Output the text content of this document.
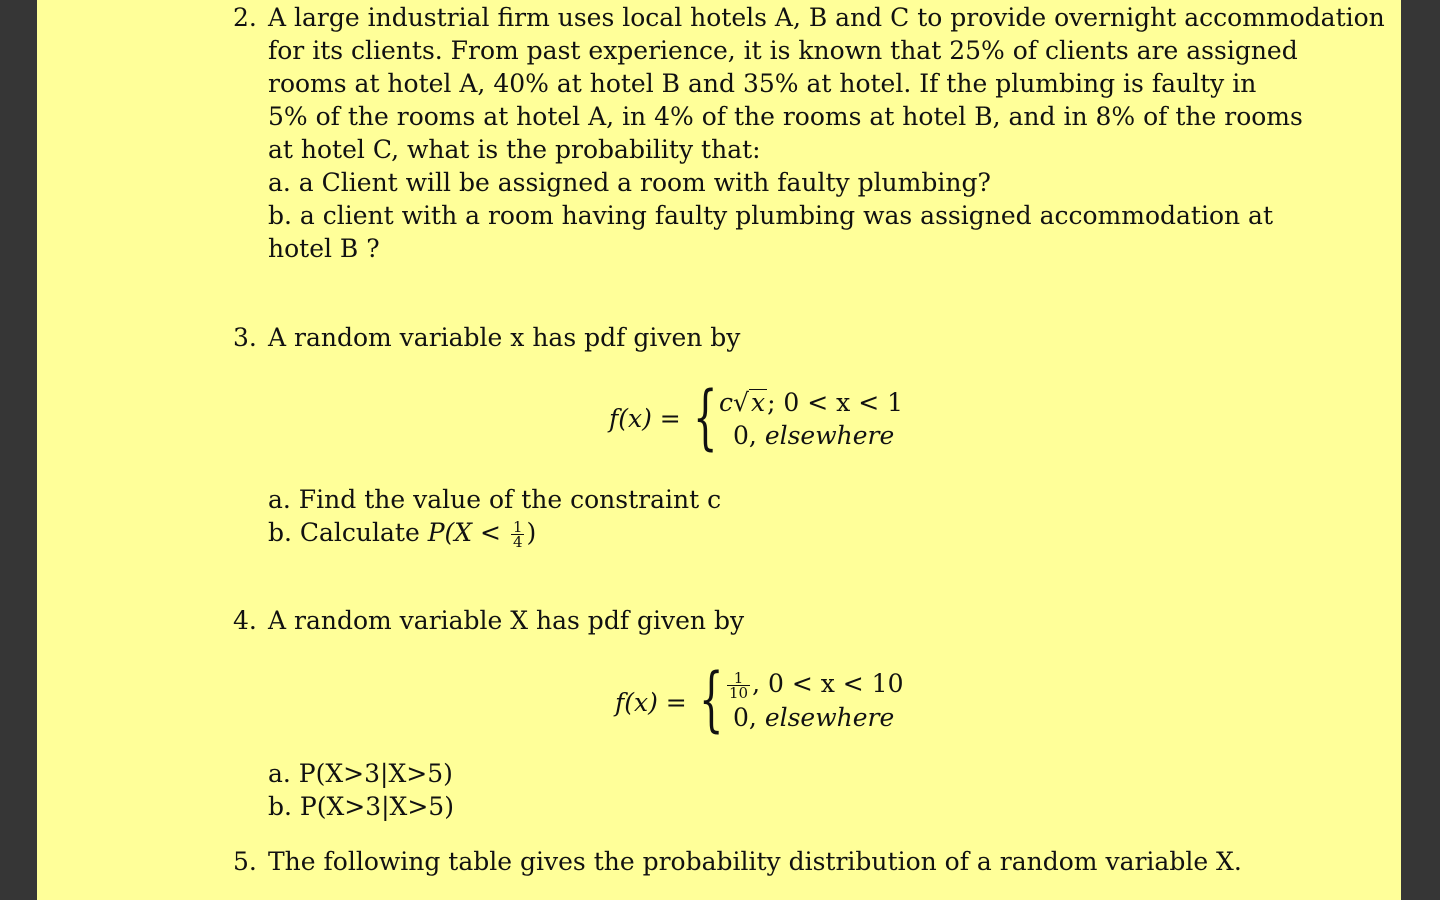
2. A large industrial firm uses local hotels A, B and C to provide overnight accommodation
for its clients. From past experience, it is known that 25% of clients are assigned
rooms at hotel A, 40% at hotel B and 35% at hotel. If the plumbing is faulty in
5% of the rooms at hotel A, in 4% of the rooms at hotel B, and in 8% of the rooms
at hotel C, what is the probability that:
a. a Client will be assigned a room with faulty plumbing?
b. a client with a room having faulty plumbing was assigned accommodation at
hotel B ?
3. A random variable x has pdf given by
f(x) = { c√x; 0 < x < 1
0, elsewhere
a. Find the value of the constraint c
b. Calculate $P(X < \frac{1}{4}$ )
4. A random variable X has pdf given by
f(x) = { $\frac{1}{10}$ , 0 < x < 10
0, elsewhere
a. P(X>3|X>5)
b. P(X>3|X>5)
5. The following table gives the probability distribution of a random variable X.
